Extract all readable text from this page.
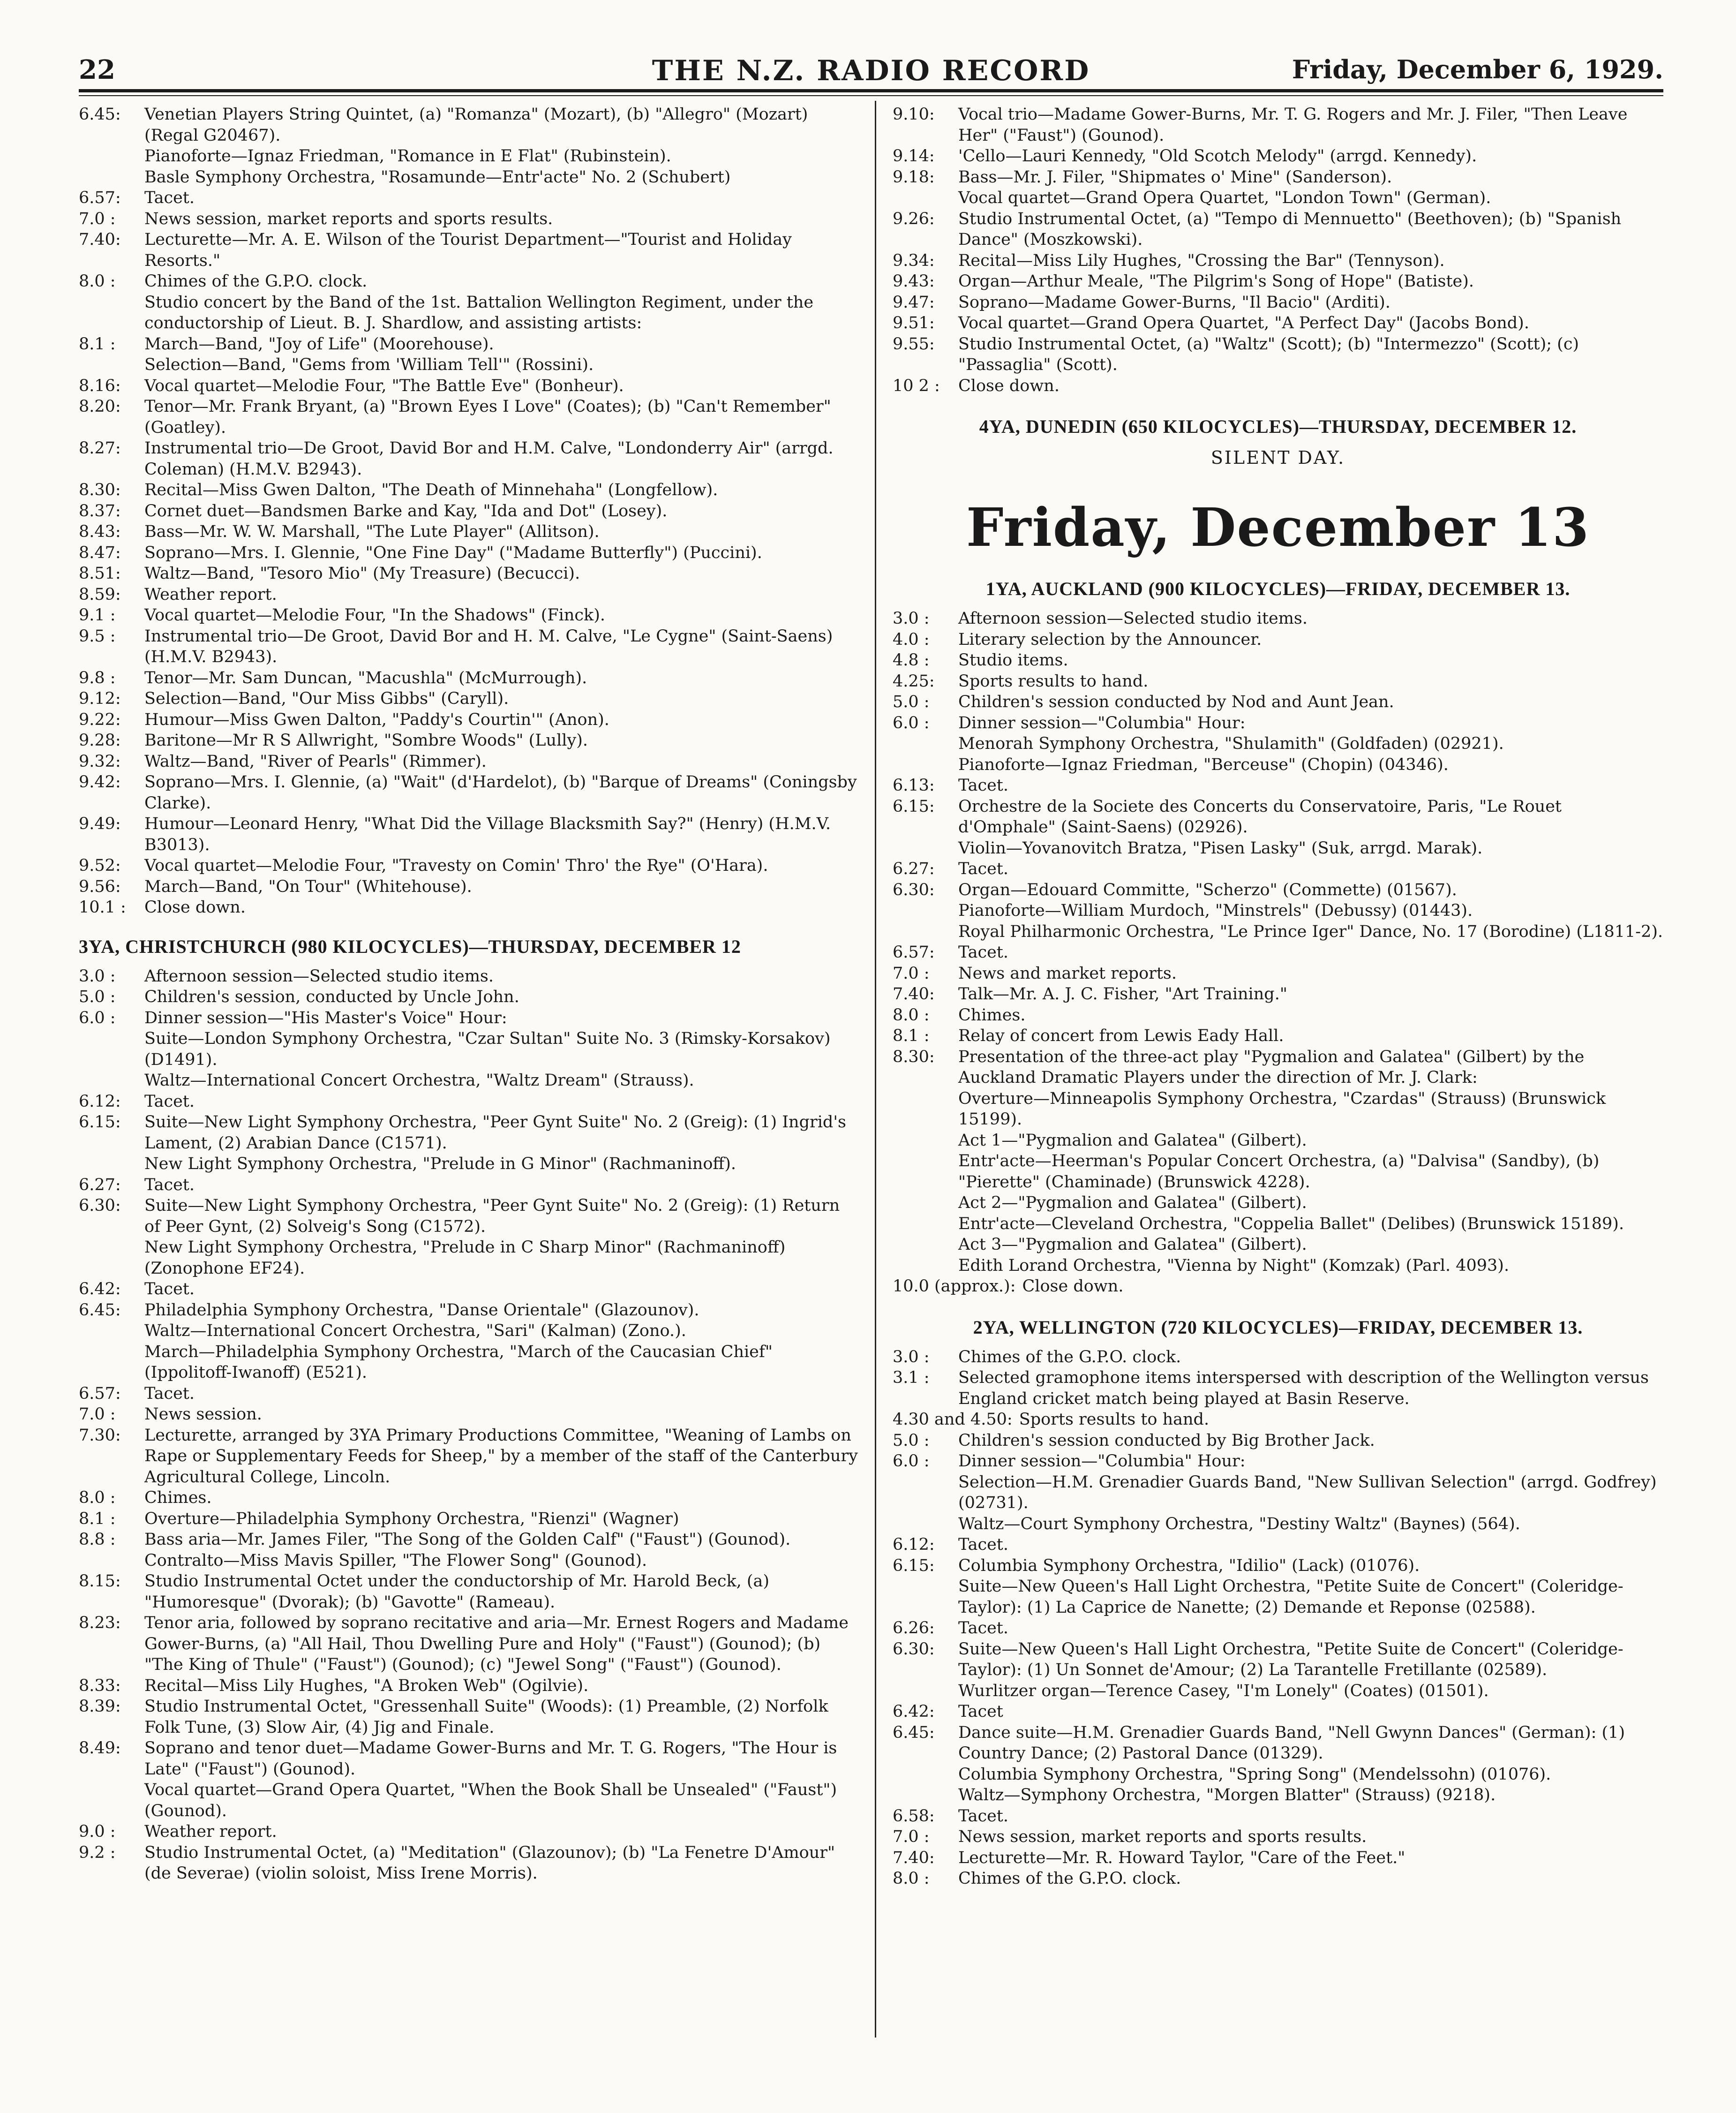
22	THE N.Z. RADIO RECORD	Friday, December 6, 1929.
6.45:	Venetian Players String Quintet, (a) "Romanza" (Mozart), (b) "Allegro" (Mozart) (Regal G20467).
Pianoforte—Ignaz Friedman, "Romance in E Flat" (Rubinstein).
Basle Symphony Orchestra, "Rosamunde—Entr'acte" No. 2 (Schubert)
6.57:	Tacet.
7.0 :	News session, market reports and sports results.
7.40:	Lecturette—Mr. A. E. Wilson of the Tourist Department—"Tourist and Holiday Resorts."
8.0 :	Chimes of the G.P.O. clock.
Studio concert by the Band of the 1st. Battalion Wellington Regiment, under the conductorship of Lieut. B. J. Shardlow, and assisting artists:
8.1 :	March—Band, "Joy of Life" (Moorehouse).
Selection—Band, "Gems from 'William Tell'" (Rossini).
8.16:	Vocal quartet—Melodie Four, "The Battle Eve" (Bonheur).
8.20:	Tenor—Mr. Frank Bryant, (a) "Brown Eyes I Love" (Coates); (b) "Can't Remember" (Goatley).
8.27:	Instrumental trio—De Groot, David Bor and H.M. Calve, "Londonderry Air" (arrgd. Coleman) (H.M.V. B2943).
8.30:	Recital—Miss Gwen Dalton, "The Death of Minnehaha" (Longfellow).
8.37:	Cornet duet—Bandsmen Barke and Kay, "Ida and Dot" (Losey).
8.43:	Bass—Mr. W. W. Marshall, "The Lute Player" (Allitson).
8.47:	Soprano—Mrs. I. Glennie, "One Fine Day" ("Madame Butterfly") (Puccini).
8.51:	Waltz—Band, "Tesoro Mio" (My Treasure) (Becucci).
8.59:	Weather report.
9.1 :	Vocal quartet—Melodie Four, "In the Shadows" (Finck).
9.5 :	Instrumental trio—De Groot, David Bor and H. M. Calve, "Le Cygne" (Saint-Saens) (H.M.V. B2943).
9.8 :	Tenor—Mr. Sam Duncan, "Macushla" (McMurrough).
9.12:	Selection—Band, "Our Miss Gibbs" (Caryll).
9.22:	Humour—Miss Gwen Dalton, "Paddy's Courtin'" (Anon).
9.28:	Baritone—Mr R S Allwright, "Sombre Woods" (Lully).
9.32:	Waltz—Band, "River of Pearls" (Rimmer).
9.42:	Soprano—Mrs. I. Glennie, (a) "Wait" (d'Hardelot), (b) "Barque of Dreams" (Coningsby Clarke).
9.49:	Humour—Leonard Henry, "What Did the Village Blacksmith Say?" (Henry) (H.M.V. B3013).
9.52:	Vocal quartet—Melodie Four, "Travesty on Comin' Thro' the Rye" (O'Hara).
9.56:	March—Band, "On Tour" (Whitehouse).
10.1 :	Close down.
3YA, CHRISTCHURCH (980 KILOCYCLES)—THURSDAY, DECEMBER 12
3.0 :	Afternoon session—Selected studio items.
5.0 :	Children's session, conducted by Uncle John.
6.0 :	Dinner session—"His Master's Voice" Hour:
Suite—London Symphony Orchestra, "Czar Sultan" Suite No. 3 (Rimsky-Korsakov) (D1491).
Waltz—International Concert Orchestra, "Waltz Dream" (Strauss).
6.12:	Tacet.
6.15:	Suite—New Light Symphony Orchestra, "Peer Gynt Suite" No. 2 (Greig): (1) Ingrid's Lament, (2) Arabian Dance (C1571).
New Light Symphony Orchestra, "Prelude in G Minor" (Rachmaninoff).
6.27:	Tacet.
6.30:	Suite—New Light Symphony Orchestra, "Peer Gynt Suite" No. 2 (Greig): (1) Return of Peer Gynt, (2) Solveig's Song (C1572).
New Light Symphony Orchestra, "Prelude in C Sharp Minor" (Rachmaninoff) (Zonophone EF24).
6.42:	Tacet.
6.45:	Philadelphia Symphony Orchestra, "Danse Orientale" (Glazounov).
Waltz—International Concert Orchestra, "Sari" (Kalman) (Zono.).
March—Philadelphia Symphony Orchestra, "March of the Caucasian Chief" (Ippolitoff-Iwanoff) (E521).
6.57:	Tacet.
7.0 :	News session.
7.30:	Lecturette, arranged by 3YA Primary Productions Committee, "Weaning of Lambs on Rape or Supplementary Feeds for Sheep," by a member of the staff of the Canterbury Agricultural College, Lincoln.
8.0 :	Chimes.
8.1 :	Overture—Philadelphia Symphony Orchestra, "Rienzi" (Wagner)
8.8 :	Bass aria—Mr. James Filer, "The Song of the Golden Calf" ("Faust") (Gounod).
Contralto—Miss Mavis Spiller, "The Flower Song" (Gounod).
8.15:	Studio Instrumental Octet under the conductorship of Mr. Harold Beck, (a) "Humoresque" (Dvorak); (b) "Gavotte" (Rameau).
8.23:	Tenor aria, followed by soprano recitative and aria—Mr. Ernest Rogers and Madame Gower-Burns, (a) "All Hail, Thou Dwelling Pure and Holy" ("Faust") (Gounod); (b) "The King of Thule" ("Faust") (Gounod); (c) "Jewel Song" ("Faust") (Gounod).
8.33:	Recital—Miss Lily Hughes, "A Broken Web" (Ogilvie).
8.39:	Studio Instrumental Octet, "Gressenhall Suite" (Woods): (1) Preamble, (2) Norfolk Folk Tune, (3) Slow Air, (4) Jig and Finale.
8.49:	Soprano and tenor duet—Madame Gower-Burns and Mr. T. G. Rogers, "The Hour is Late" ("Faust") (Gounod).
Vocal quartet—Grand Opera Quartet, "When the Book Shall be Unsealed" ("Faust") (Gounod).
9.0 :	Weather report.
9.2 :	Studio Instrumental Octet, (a) "Meditation" (Glazounov); (b) "La Fenetre D'Amour" (de Severae) (violin soloist, Miss Irene Morris).
9.10:	Vocal trio—Madame Gower-Burns, Mr. T. G. Rogers and Mr. J. Filer, "Then Leave Her" ("Faust") (Gounod).
9.14:	'Cello—Lauri Kennedy, "Old Scotch Melody" (arrgd. Kennedy).
9.18:	Bass—Mr. J. Filer, "Shipmates o' Mine" (Sanderson).
Vocal quartet—Grand Opera Quartet, "London Town" (German).
9.26:	Studio Instrumental Octet, (a) "Tempo di Mennuetto" (Beethoven); (b) "Spanish Dance" (Moszkowski).
9.34:	Recital—Miss Lily Hughes, "Crossing the Bar" (Tennyson).
9.43:	Organ—Arthur Meale, "The Pilgrim's Song of Hope" (Batiste).
9.47:	Soprano—Madame Gower-Burns, "Il Bacio" (Arditi).
9.51:	Vocal quartet—Grand Opera Quartet, "A Perfect Day" (Jacobs Bond).
9.55:	Studio Instrumental Octet, (a) "Waltz" (Scott); (b) "Intermezzo" (Scott); (c) "Passaglia" (Scott).
10 2 :	Close down.
4YA, DUNEDIN (650 KILOCYCLES)—THURSDAY, DECEMBER 12.
SILENT DAY.
Friday, December 13
1YA, AUCKLAND (900 KILOCYCLES)—FRIDAY, DECEMBER 13.
3.0 :	Afternoon session—Selected studio items.
4.0 :	Literary selection by the Announcer.
4.8 :	Studio items.
4.25:	Sports results to hand.
5.0 :	Children's session conducted by Nod and Aunt Jean.
6.0 :	Dinner session—"Columbia" Hour:
Menorah Symphony Orchestra, "Shulamith" (Goldfaden) (02921).
Pianoforte—Ignaz Friedman, "Berceuse" (Chopin) (04346).
6.13:	Tacet.
6.15:	Orchestre de la Societe des Concerts du Conservatoire, Paris, "Le Rouet d'Omphale" (Saint-Saens) (02926).
Violin—Yovanovitch Bratza, "Pisen Lasky" (Suk, arrgd. Marak).
6.27:	Tacet.
6.30:	Organ—Edouard Committe, "Scherzo" (Commette) (01567).
Pianoforte—William Murdoch, "Minstrels" (Debussy) (01443).
Royal Philharmonic Orchestra, "Le Prince Iger" Dance, No. 17 (Borodine) (L1811-2).
6.57:	Tacet.
7.0 :	News and market reports.
7.40:	Talk—Mr. A. J. C. Fisher, "Art Training."
8.0 :	Chimes.
8.1 :	Relay of concert from Lewis Eady Hall.
8.30:	Presentation of the three-act play "Pygmalion and Galatea" (Gilbert) by the Auckland Dramatic Players under the direction of Mr. J. Clark:
Overture—Minneapolis Symphony Orchestra, "Czardas" (Strauss) (Brunswick 15199).
Act 1—"Pygmalion and Galatea" (Gilbert).
Entr'acte—Heerman's Popular Concert Orchestra, (a) "Dalvisa" (Sandby), (b) "Pierette" (Chaminade) (Brunswick 4228).
Act 2—"Pygmalion and Galatea" (Gilbert).
Entr'acte—Cleveland Orchestra, "Coppelia Ballet" (Delibes) (Brunswick 15189).
Act 3—"Pygmalion and Galatea" (Gilbert).
Edith Lorand Orchestra, "Vienna by Night" (Komzak) (Parl. 4093).
10.0 (approx.): Close down.
2YA, WELLINGTON (720 KILOCYCLES)—FRIDAY, DECEMBER 13.
3.0 :	Chimes of the G.P.O. clock.
3.1 :	Selected gramophone items interspersed with description of the Wellington versus England cricket match being played at Basin Reserve.
4.30 and 4.50: Sports results to hand.
5.0 :	Children's session conducted by Big Brother Jack.
6.0 :	Dinner session—"Columbia" Hour:
Selection—H.M. Grenadier Guards Band, "New Sullivan Selection" (arrgd. Godfrey) (02731).
Waltz—Court Symphony Orchestra, "Destiny Waltz" (Baynes) (564).
6.12:	Tacet.
6.15:	Columbia Symphony Orchestra, "Idilio" (Lack) (01076).
Suite—New Queen's Hall Light Orchestra, "Petite Suite de Concert" (Coleridge-Taylor): (1) La Caprice de Nanette; (2) Demande et Reponse (02588).
6.26:	Tacet.
6.30:	Suite—New Queen's Hall Light Orchestra, "Petite Suite de Concert" (Coleridge-Taylor): (1) Un Sonnet de'Amour; (2) La Tarantelle Fretillante (02589).
Wurlitzer organ—Terence Casey, "I'm Lonely" (Coates) (01501).
6.42:	Tacet
6.45:	Dance suite—H.M. Grenadier Guards Band, "Nell Gwynn Dances" (German): (1) Country Dance; (2) Pastoral Dance (01329).
Columbia Symphony Orchestra, "Spring Song" (Mendelssohn) (01076).
Waltz—Symphony Orchestra, "Morgen Blatter" (Strauss) (9218).
6.58:	Tacet.
7.0 :	News session, market reports and sports results.
7.40:	Lecturette—Mr. R. Howard Taylor, "Care of the Feet."
8.0 :	Chimes of the G.P.O. clock.
